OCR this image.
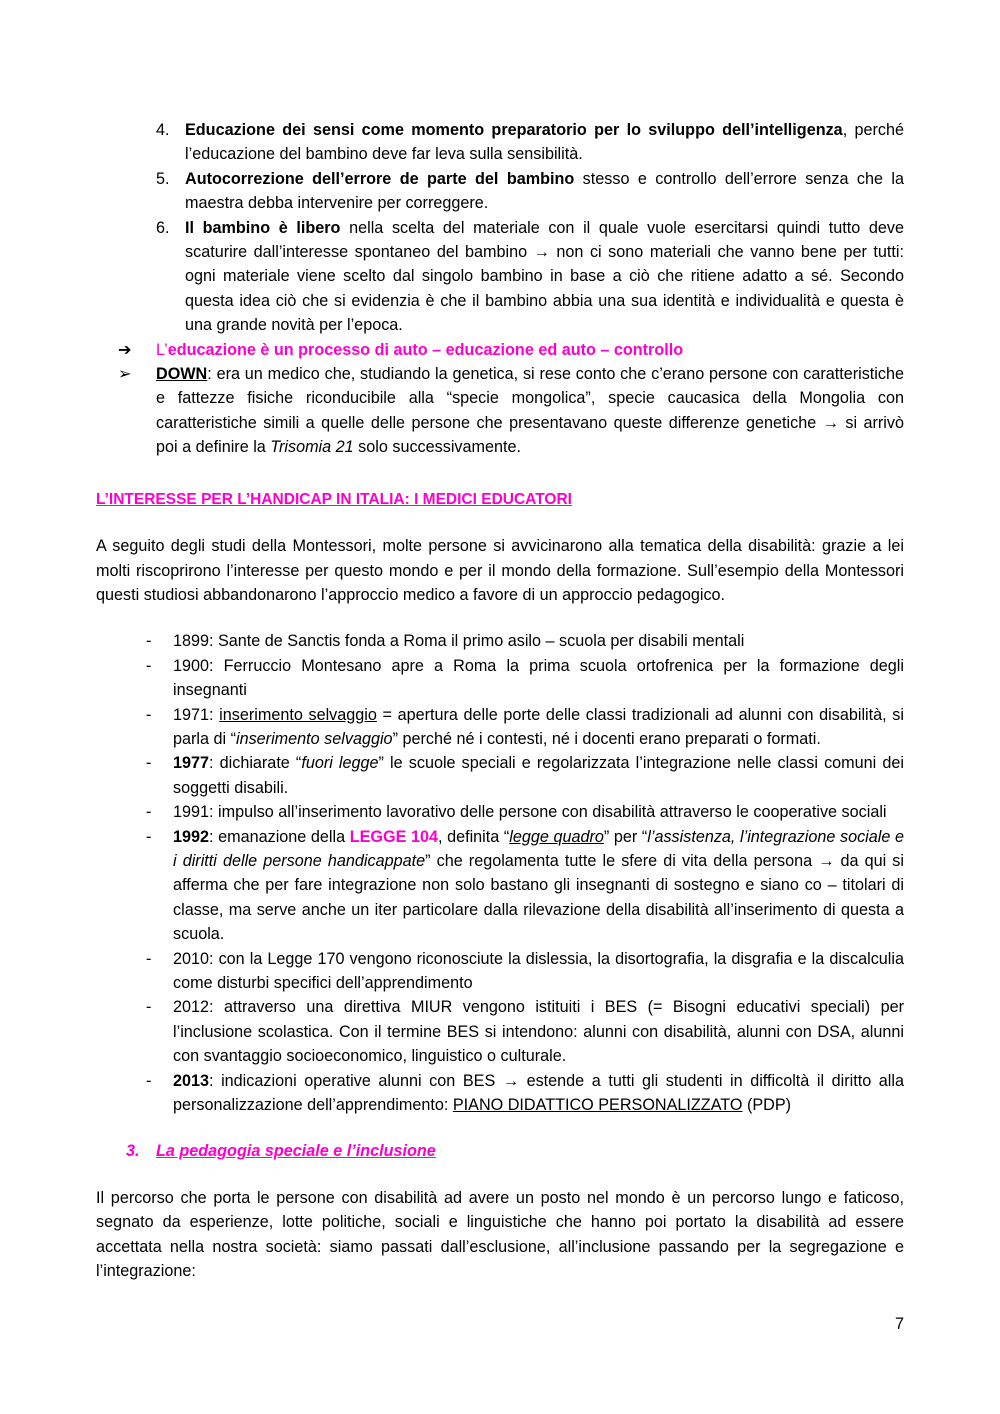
4. Educazione dei sensi come momento preparatorio per lo sviluppo dell’intelligenza, perché l’educazione del bambino deve far leva sulla sensibilità.
5. Autocorrezione dell’errore de parte del bambino stesso e controllo dell’errore senza che la maestra debba intervenire per correggere.
6. Il bambino è libero nella scelta del materiale con il quale vuole esercitarsi quindi tutto deve scaturire dall’interesse spontaneo del bambino → non ci sono materiali che vanno bene per tutti: ogni materiale viene scelto dal singolo bambino in base a ciò che ritiene adatto a sé. Secondo questa idea ciò che si evidenzia è che il bambino abbia una sua identità e individualità e questa è una grande novità per l’epoca.
➔ L’educazione è un processo di auto – educazione ed auto – controllo
➢ DOWN: era un medico che, studiando la genetica, si rese conto che c’erano persone con caratteristiche e fattezze fisiche riconducibile alla “specie mongolica”, specie caucasica della Mongolia con caratteristiche simili a quelle delle persone che presentavano queste differenze genetiche → si arrivò poi a definire la Trisomia 21 solo successivamente.

L’INTERESSE PER L’HANDICAP IN ITALIA: I MEDICI EDUCATORI

A seguito degli studi della Montessori, molte persone si avvicinarono alla tematica della disabilità: grazie a lei molti riscoprirono l’interesse per questo mondo e per il mondo della formazione. Sull’esempio della Montessori questi studiosi abbandonarono l’approccio medico a favore di un approccio pedagogico.

- 1899: Sante de Sanctis fonda a Roma il primo asilo – scuola per disabili mentali
- 1900: Ferruccio Montesano apre a Roma la prima scuola ortofrenica per la formazione degli insegnanti
- 1971: inserimento selvaggio = apertura delle porte delle classi tradizionali ad alunni con disabilità, si parla di “inserimento selvaggio” perché né i contesti, né i docenti erano preparati o formati.
- 1977: dichiarate “fuori legge” le scuole speciali e regolarizzata l’integrazione nelle classi comuni dei soggetti disabili.
- 1991: impulso all’inserimento lavorativo delle persone con disabilità attraverso le cooperative sociali
- 1992: emanazione della LEGGE 104, definita “legge quadro” per “l’assistenza, l’integrazione sociale e i diritti delle persone handicappate” che regolamenta tutte le sfere di vita della persona → da qui si afferma che per fare integrazione non solo bastano gli insegnanti di sostegno e siano co – titolari di classe, ma serve anche un iter particolare dalla rilevazione della disabilità all’inserimento di questa a scuola.
- 2010: con la Legge 170 vengono riconosciute la dislessia, la disortografia, la disgrafia e la discalculia come disturbi specifici dell’apprendimento
- 2012: attraverso una direttiva MIUR vengono istituiti i BES (= Bisogni educativi speciali) per l’inclusione scolastica. Con il termine BES si intendono: alunni con disabilità, alunni con DSA, alunni con svantaggio socioeconomico, linguistico o culturale.
- 2013: indicazioni operative alunni con BES → estende a tutti gli studenti in difficoltà il diritto alla personalizzazione dell’apprendimento: PIANO DIDATTICO PERSONALIZZATO (PDP)
3. La pedagogia speciale e l’inclusione

Il percorso che porta le persone con disabilità ad avere un posto nel mondo è un percorso lungo e faticoso, segnato da esperienze, lotte politiche, sociali e linguistiche che hanno poi portato la disabilità ad essere accettata nella nostra società: siamo passati dall’esclusione, all’inclusione passando per la segregazione e l’integrazione:

7
